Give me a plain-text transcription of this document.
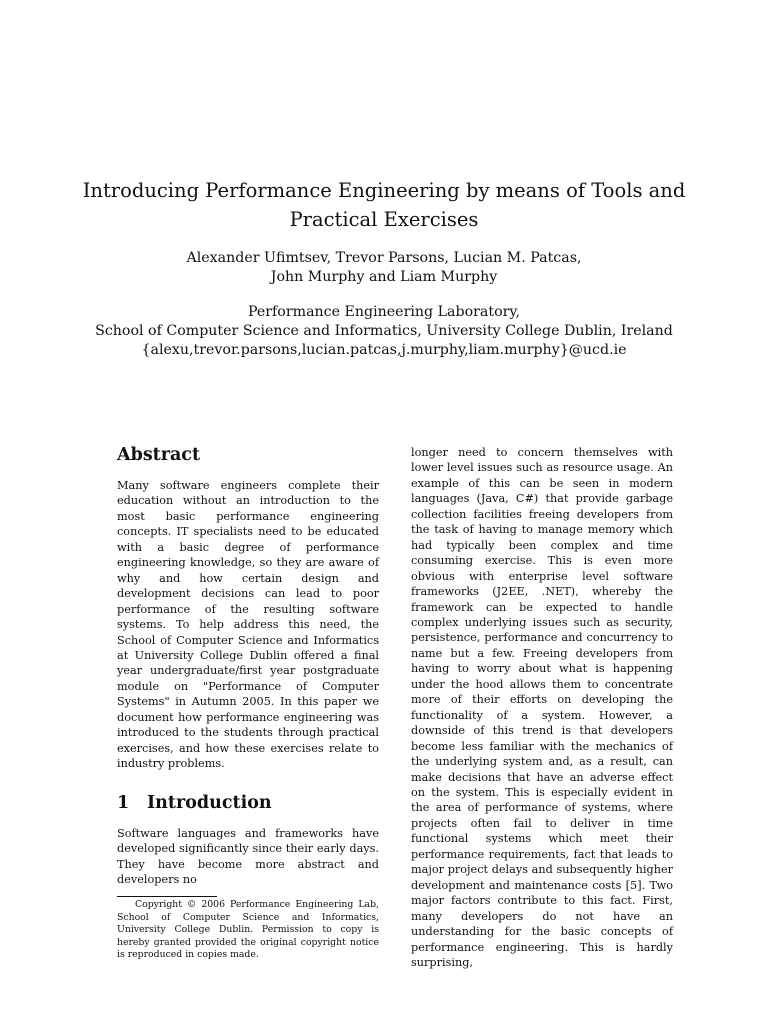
Introducing Performance Engineering by means of Tools and
Practical Exercises
Alexander Ufimtsev, Trevor Parsons, Lucian M. Patcas,
John Murphy and Liam Murphy
Performance Engineering Laboratory,
School of Computer Science and Informatics, University College Dublin, Ireland
{alexu,trevor.parsons,lucian.patcas,j.murphy,liam.murphy}@ucd.ie
Abstract
Many software engineers complete their education without an introduction to the most basic performance engineering concepts. IT specialists need to be educated with a basic degree of performance engineering knowledge, so they are aware of why and how certain design and development decisions can lead to poor performance of the resulting software systems. To help address this need, the School of Computer Science and Informatics at University College Dublin offered a final year undergraduate/first year postgraduate module on "Performance of Computer Systems" in Autumn 2005. In this paper we document how performance engineering was introduced to the students through practical exercises, and how these exercises relate to industry problems.
1 Introduction
Software languages and frameworks have developed significantly since their early days. They have become more abstract and developers no
Copyright © 2006 Performance Engineering Lab, School of Computer Science and Informatics, University College Dublin. Permission to copy is hereby granted provided the original copyright notice is reproduced in copies made.
longer need to concern themselves with lower level issues such as resource usage. An example of this can be seen in modern languages (Java, C#) that provide garbage collection facilities freeing developers from the task of having to manage memory which had typically been complex and time consuming exercise. This is even more obvious with enterprise level software frameworks (J2EE, .NET), whereby the framework can be expected to handle complex underlying issues such as security, persistence, performance and concurrency to name but a few. Freeing developers from having to worry about what is happening under the hood allows them to concentrate more of their efforts on developing the functionality of a system. However, a downside of this trend is that developers become less familiar with the mechanics of the underlying system and, as a result, can make decisions that have an adverse effect on the system. This is especially evident in the area of performance of systems, where projects often fail to deliver in time functional systems which meet their performance requirements, fact that leads to major project delays and subsequently higher development and maintenance costs [5]. Two major factors contribute to this fact. First, many developers do not have an understanding for the basic concepts of performance engineering. This is hardly surprising,
